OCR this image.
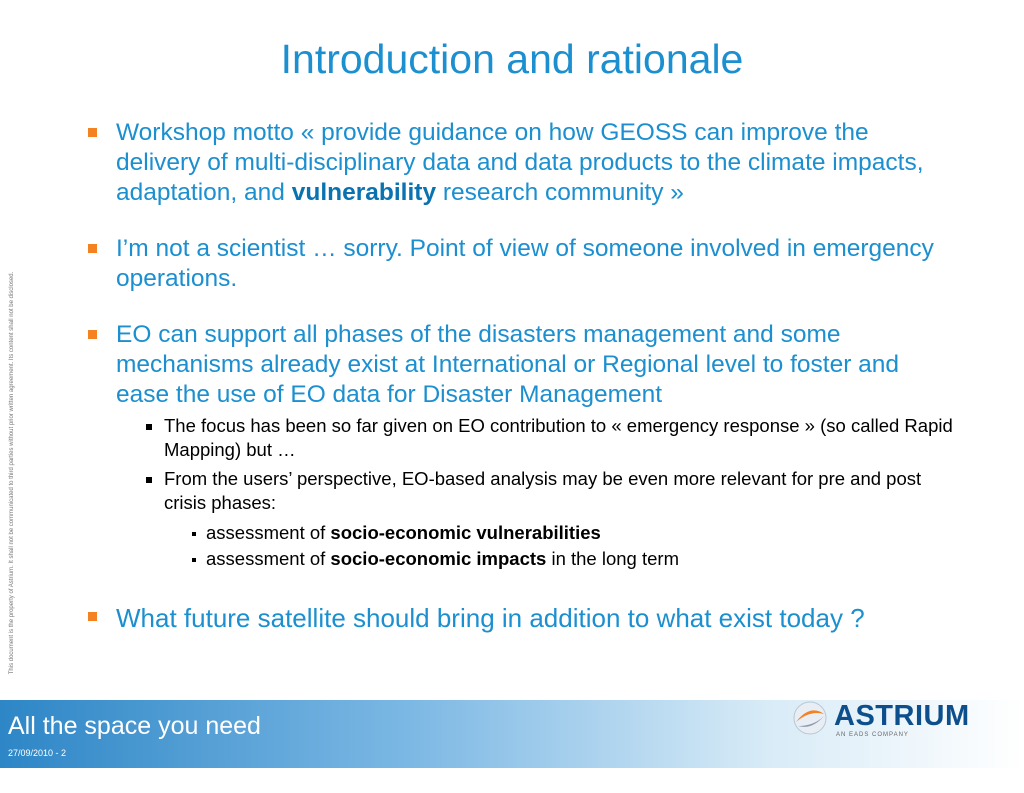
Introduction and rationale
Workshop motto « provide guidance on how GEOSS can improve the delivery of multi-disciplinary data and data products to the climate impacts, adaptation, and vulnerability research community »
I’m not a scientist … sorry. Point of view of someone involved in emergency operations.
EO can support all phases of the disasters management and some mechanisms already exist at International or Regional level to foster and ease the use of EO data for Disaster Management
The focus has been so far given on EO contribution to « emergency response » (so called Rapid Mapping) but …
From the users’ perspective, EO-based analysis may be even more relevant for pre and post crisis phases:
assessment of socio-economic vulnerabilities
assessment of socio-economic impacts in the long term
What future satellite should bring in addition to what exist today ?
This document is the property of Astrium. It shall not be communicated to third parties without prior written agreement. Its content shall not be disclosed.
All the space you need
27/09/2010 - 2
ASTRIUM
AN EADS COMPANY
